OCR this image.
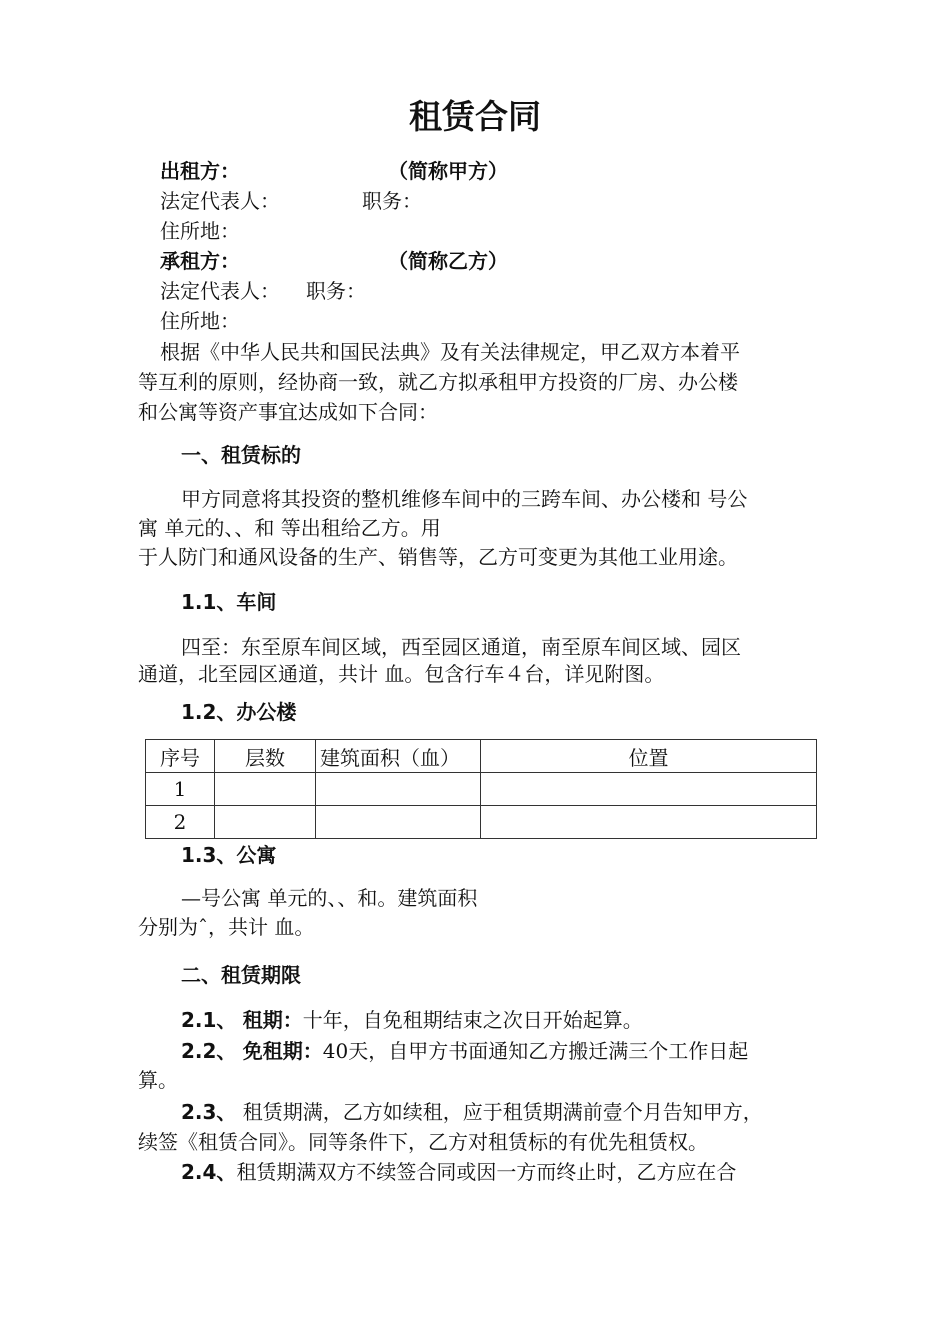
租赁合同
出租方：	（简称甲方）
法定代表人：	职务：
住所地：
承租方：	（简称乙方）
法定代表人： 职务：
住所地：
根据《中华人民共和国民法典》及有关法律规定，甲乙双方本着平
等互利的原则，经协商一致，就乙方拟承租甲方投资的厂房、办公楼
和公寓等资产事宜达成如下合同：
一、租赁标的
甲方同意将其投资的整机维修车间中的三跨车间、办公楼和 号公
寓 单元的、、和 等出租给乙方。用
于人防门和通风设备的生产、销售等，乙方可变更为其他工业用途。
1.1、车间
四至：东至原车间区域，西至园区通道，南至原车间区域、园区
通道，北至园区通道，共计 血。包含行车４台，详见附图。
1.2、办公楼
序号	层数	建筑面积（血）	位置
1			
2			
1.3、公寓
—号公寓 单元的、、和。建筑面积
分别为ˆ，共计 血。
二、租赁期限
2.1、 租期：十年，自免租期结束之次日开始起算。
2.2、 免租期：40天，自甲方书面通知乙方搬迁满三个工作日起
算。
2.3、 租赁期满，乙方如续租，应于租赁期满前壹个月告知甲方，
续签《租赁合同》。同等条件下，乙方对租赁标的有优先租赁权。
2.4、租赁期满双方不续签合同或因一方而终止时，乙方应在合
